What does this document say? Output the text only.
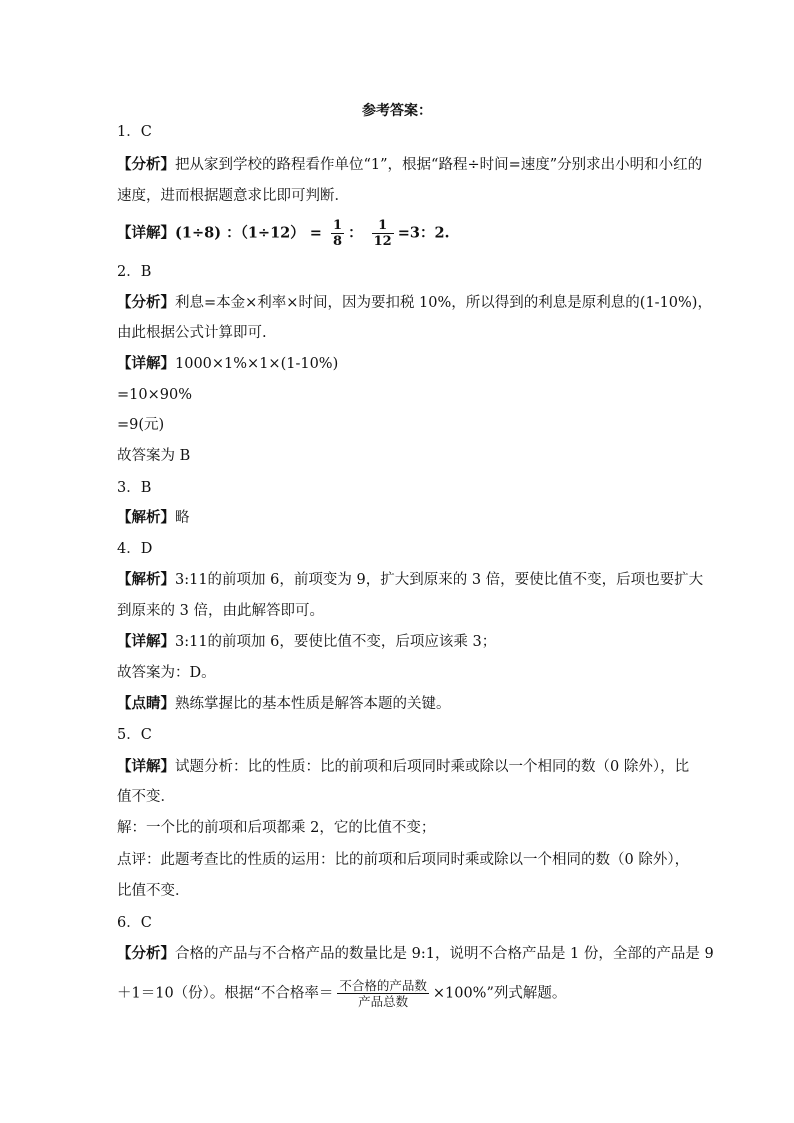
参考答案：
1．C
【分析】把从家到学校的路程看作单位“1”，根据“路程÷时间=速度”分别求出小明和小红的
速度，进而根据题意求比即可判断．
【详解】(1÷8) ：$(1\div 12) = \frac{1}{8}$ ： $\frac{1}{12} =3$：2.
2．B
【分析】利息=本金×利率×时间，因为要扣税 10%，所以得到的利息是原利息的(1-10%)，
由此根据公式计算即可.
【详解】1000×1%×1×(1-10%)
=10×90%
=9(元)
故答案为 B
3．B
【解析】略
4．D
【解析】3:11的前项加 6，前项变为 9，扩大到原来的 3 倍，要使比值不变，后项也要扩大
到原来的 3 倍，由此解答即可。
【详解】3:11的前项加 6，要使比值不变，后项应该乘 3；
故答案为：D。
【点睛】熟练掌握比的基本性质是解答本题的关键。
5．C
【详解】试题分析：比的性质：比的前项和后项同时乘或除以一个相同的数（0 除外），比
值不变．
解：一个比的前项和后项都乘 2，它的比值不变；
点评：此题考查比的性质的运用：比的前项和后项同时乘或除以一个相同的数（0 除外），
比值不变．
6．C
【分析】合格的产品与不合格产品的数量比是 9:1，说明不合格产品是 1 份，全部的产品是 9
＋1＝10（份）。根据“不合格率＝ $\frac{\text{不合格的产品数}}{\text{产品总数}} \times 100\%$”列式解题。
